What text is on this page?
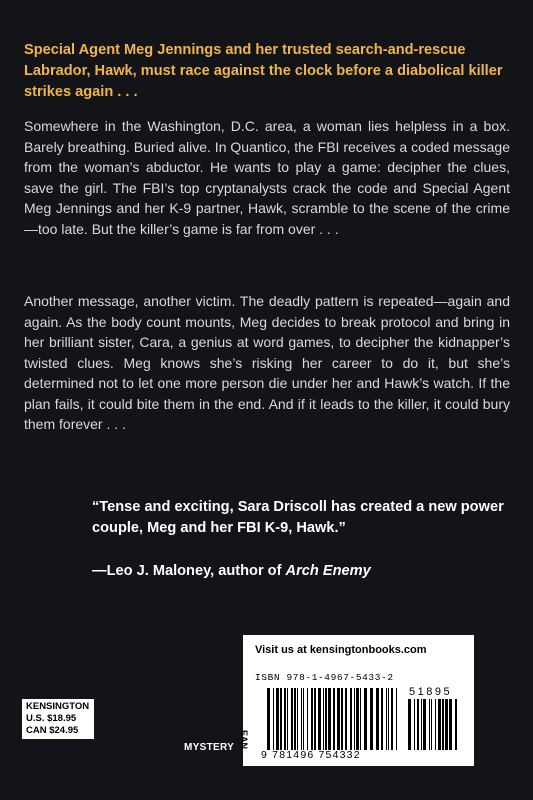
Special Agent Meg Jennings and her trusted search-and-rescue Labrador, Hawk, must race against the clock before a diabolical killer strikes again . . .

Somewhere in the Washington, D.C. area, a woman lies helpless in a box. Barely breathing. Buried alive. In Quantico, the FBI receives a coded message from the woman’s abductor. He wants to play a game: decipher the clues, save the girl. The FBI’s top cryptanalysts crack the code and Special Agent Meg Jennings and her K-9 partner, Hawk, scramble to the scene of the crime—too late. But the killer’s game is far from over . . .

Another message, another victim. The deadly pattern is repeated—again and again. As the body count mounts, Meg decides to break protocol and bring in her brilliant sister, Cara, a genius at word games, to decipher the kidnapper’s twisted clues. Meg knows she’s risking her career to do it, but she’s determined not to let one more person die under her and Hawk’s watch. If the plan fails, it could bite them in the end. And if it leads to the killer, it could bury them forever . . .

“Tense and exciting, Sara Driscoll has created a new power couple, Meg and her FBI K-9, Hawk.”

—Leo J. Maloney, author of Arch Enemy
KENSINGTON
U.S. $18.95
CAN $24.95
MYSTERY
Visit us at kensingtonbooks.com
ISBN 978-1-4967-5433-2
EAN
51895
9 781496 754332
